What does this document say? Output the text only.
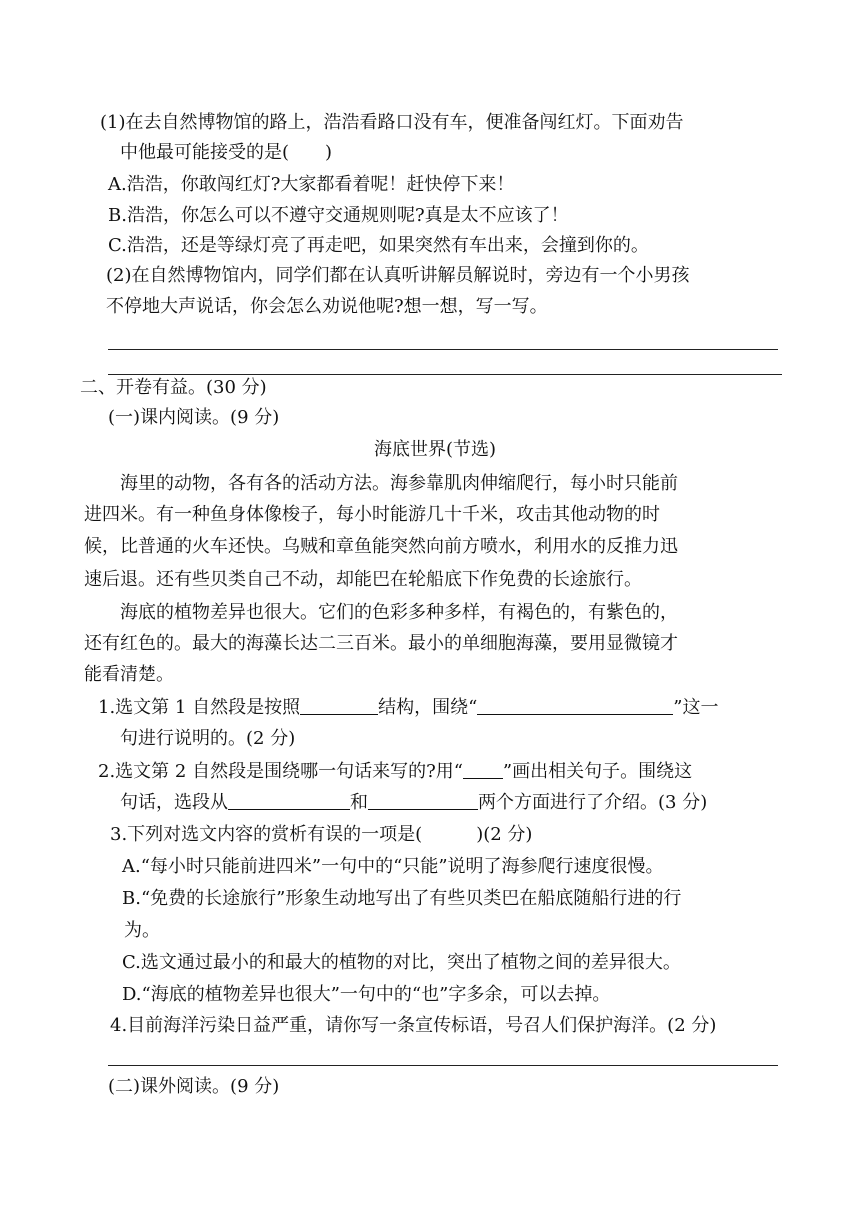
(1)在去自然博物馆的路上，浩浩看路口没有车，便准备闯红灯。下面劝告
中他最可能接受的是(　　)
A.浩浩，你敢闯红灯?大家都看着呢！赶快停下来！
B.浩浩，你怎么可以不遵守交通规则呢?真是太不应该了！
C.浩浩，还是等绿灯亮了再走吧，如果突然有车出来，会撞到你的。
(2)在自然博物馆内，同学们都在认真听讲解员解说时，旁边有一个小男孩
不停地大声说话，你会怎么劝说他呢?想一想，写一写。
二、开卷有益。(30 分)
(一)课内阅读。(9 分)
海底世界(节选)
海里的动物，各有各的活动方法。海参靠肌肉伸缩爬行，每小时只能前
进四米。有一种鱼身体像梭子，每小时能游几十千米，攻击其他动物的时
候，比普通的火车还快。乌贼和章鱼能突然向前方喷水，利用水的反推力迅
速后退。还有些贝类自己不动，却能巴在轮船底下作免费的长途旅行。
海底的植物差异也很大。它们的色彩多种多样，有褐色的，有紫色的，
还有红色的。最大的海藻长达二三百米。最小的单细胞海藻，要用显微镜才
能看清楚。
1.选文第 1 自然段是按照	结构，围绕“	”这一
句进行说明的。(2 分)
2.选文第 2 自然段是围绕哪一句话来写的?用“ ”画出相关句子。围绕这
句话，选段从	和	两个方面进行了介绍。(3 分)
3.下列对选文内容的赏析有误的一项是(　　　)(2 分)
A.“每小时只能前进四米”一句中的“只能”说明了海参爬行速度很慢。
B.“免费的长途旅行”形象生动地写出了有些贝类巴在船底随船行进的行
为。
C.选文通过最小的和最大的植物的对比，突出了植物之间的差异很大。
D.“海底的植物差异也很大”一句中的“也”字多余，可以去掉。
4.目前海洋污染日益严重，请你写一条宣传标语，号召人们保护海洋。(2 分)
(二)课外阅读。(9 分)
